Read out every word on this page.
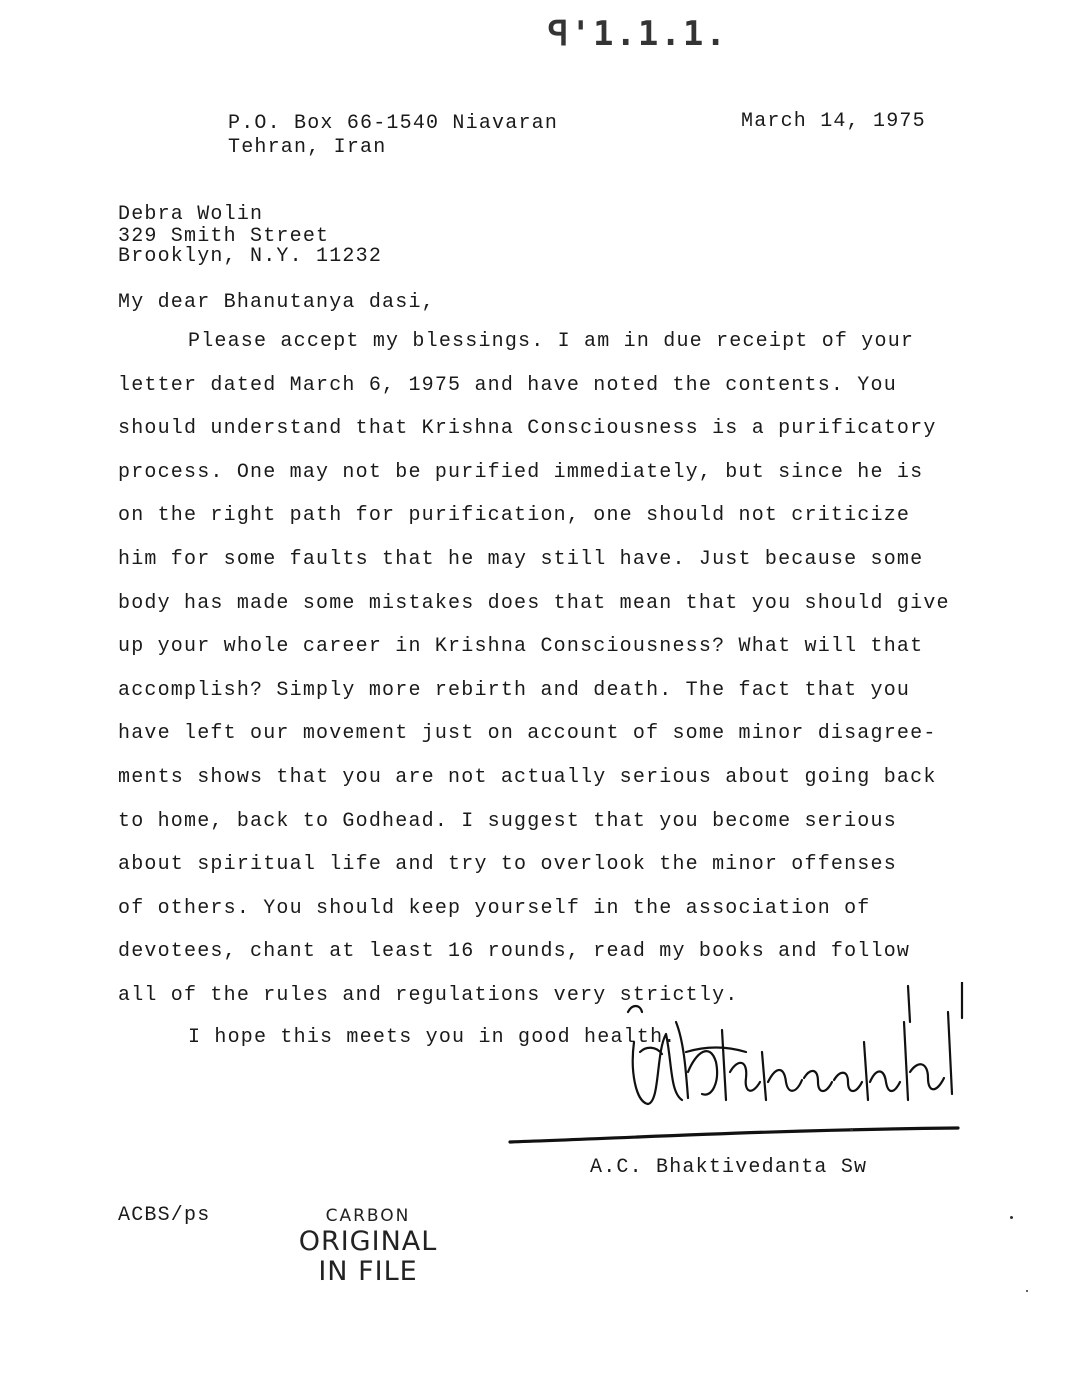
ꟼ'1.1.1.
P.O. Box 66-1540 Niavaran
Tehran, Iran
March 14, 1975
Debra Wolin
329 Smith Street
Brooklyn, N.Y. 11232
My dear Bhanutanya dasi,
Please accept my blessings. I am in due receipt of your
letter dated March 6, 1975 and have noted the contents. You
should understand that Krishna Consciousness is a purificatory
process. One may not be purified immediately, but since he is
on the right path for purification, one should not criticize
him for some faults that he may still have. Just because some
body has made some mistakes does that mean that you should give
up your whole career in Krishna Consciousness? What will that
accomplish? Simply more rebirth and death. The fact that you
have left our movement just on account of some minor disagree-
ments shows that you are not actually serious about going back
to home, back to Godhead. I suggest that you become serious
about spiritual life and try to overlook the minor offenses
of others. You should keep yourself in the association of
devotees, chant at least 16 rounds, read my books and follow
all of the rules and regulations very strictly.
I hope this meets you in good health.
A.C. Bhaktivedanta Sw
ACBS/ps	CARBON
ORIGINAL
IN FILE
